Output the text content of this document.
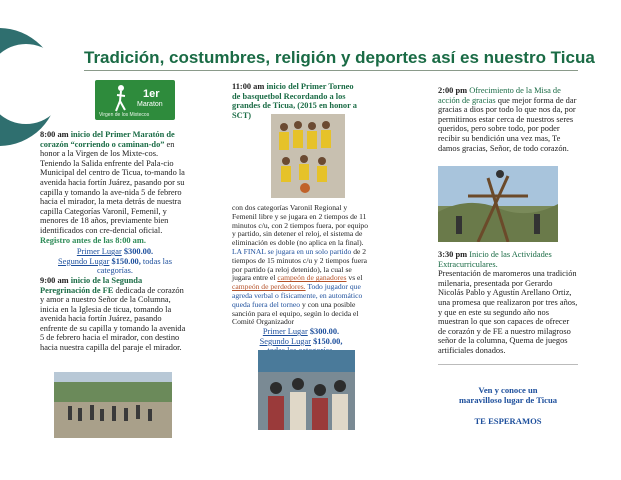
Tradición, costumbres, religión y deportes así es nuestro Ticua
1er
Maraton
Virgen de los Mixtecos

8:00 am inicio del Primer Maratón de corazón “corriendo o caminan-do” en honor a la Virgen de los Mixte-cos. Teniendo la Salida enfrente del Pala-cio Municipal del centro de Ticua, to-mando la avenida hacia fortín Juárez, pasando por su capilla y tomando la ave-nida 5 de febrero hacia el mirador, la meta detrás de nuestra capilla Categorías Varonil, Femenil, y menores de 18 años, previamente bien identificados con cre-dencial oficial. Registro antes de las 8:00 am.

Primer Lugar $300.00.
Segundo Lugar $150.00, todas las categorías.

9:00 am inicio de la Segunda Peregrinación de FE dedicada de corazón y amor a nuestro Señor de la Columna, inicia en la Iglesia de ticua, tomando la avenida hacia fortín Juárez, pasando enfrente de su capilla y tomando la avenida 5 de febrero hacia el mirador, con destino hacia nuestra capilla del paraje el mirador.

11:00 am inicio del Primer Torneo de basquetbol Recordando a los grandes de Ticua, (2015 en honor a SCT)

con dos categorías Varonil Regional y Femenil libre y se jugara en 2 tiempos de 11 minutos c/u, con 2 tiempos fuera, por equipo y partido, sin detener el reloj, el sistema de eliminación es doble (no aplica en la final). LA FINAL se jugara en un solo partido de 2 tiempos de 15 minutos c/u y 2 tiempos fuera por partido (a reloj detenido), la cual se jugara entre el campeón de ganadores vs el campeón de perdedores. Todo jugador que agreda verbal o físicamente, en automático queda fuera del torneo y con una posible sanción para el equipo, según lo decida el Comité Organizador

Primer Lugar $300.00.
Segundo Lugar $150.00,

2:00 pm Ofrecimiento de la Misa de acción de gracias que mejor forma de dar gracias a dios por todo lo que nos da, por permitirnos estar cerca de nuestros seres queridos, pero sobre todo, por poder recibir su bendición una vez mas, Te damos gracias, Señor, de todo corazón.

3:30 pm Inicio de las Actividades Extracurriculares.
Presentación de maromeros una tradición milenaria, presentada por Gerardo Nicolás Pablo y Agustín Arellano Ortiz, una promesa que realizaron por tres años, y que en este su segundo año nos muestran lo que son capaces de ofrecer de corazón y de FE a nuestro milagroso señor de la columna, Quema de juegos artificiales donados.

Ven y conoce un

maravilloso lugar de Ticua

TE ESPERAMOS
